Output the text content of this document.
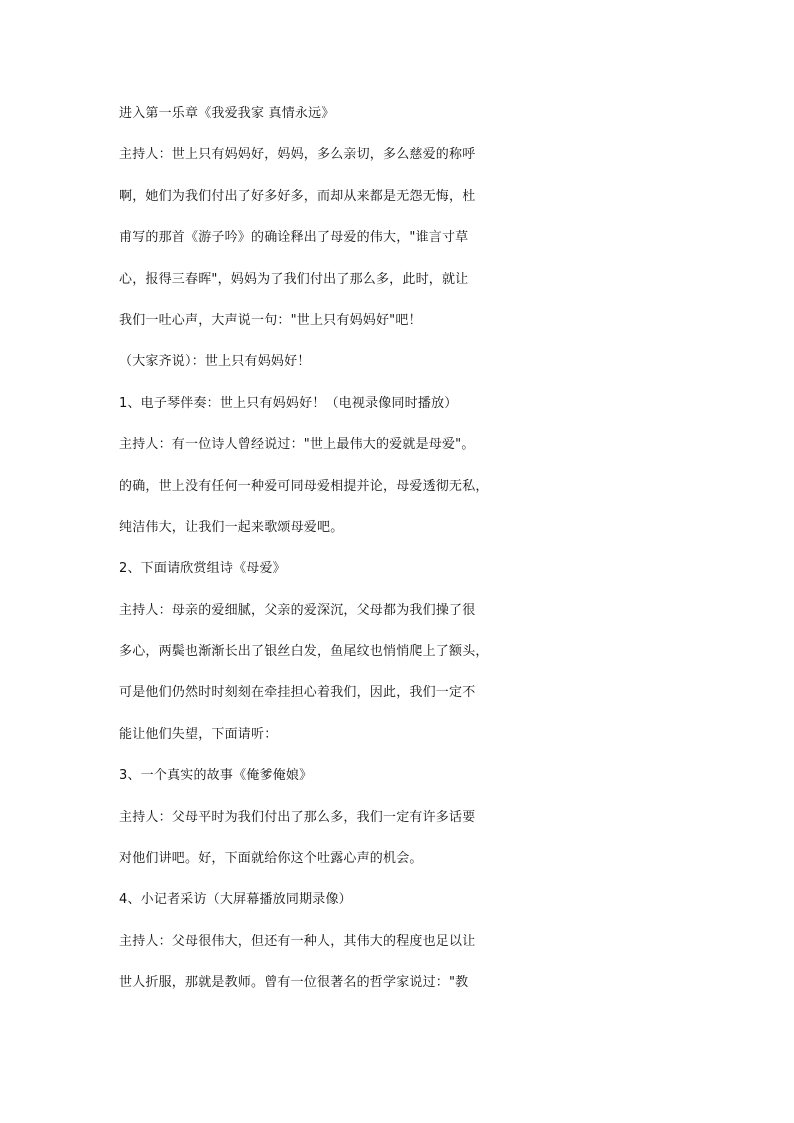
进入第一乐章《我爱我家 真情永远》
主持人：世上只有妈妈好，妈妈，多么亲切，多么慈爱的称呼
啊，她们为我们付出了好多好多，而却从来都是无怨无悔，杜
甫写的那首《游子吟》的确诠释出了母爱的伟大，"谁言寸草
心，报得三春晖"，妈妈为了我们付出了那么多，此时，就让
我们一吐心声，大声说一句："世上只有妈妈好"吧！
（大家齐说）：世上只有妈妈好！
1、电子琴伴奏：世上只有妈妈好！（电视录像同时播放）
主持人：有一位诗人曾经说过："世上最伟大的爱就是母爱"。
的确，世上没有任何一种爱可同母爱相提并论，母爱透彻无私，
纯洁伟大，让我们一起来歌颂母爱吧。
2、下面请欣赏组诗《母爱》
主持人：母亲的爱细腻，父亲的爱深沉，父母都为我们操了很
多心，两鬓也渐渐长出了银丝白发，鱼尾纹也悄悄爬上了额头，
可是他们仍然时时刻刻在牵挂担心着我们，因此，我们一定不
能让他们失望，下面请听：
3、一个真实的故事《俺爹俺娘》
主持人：父母平时为我们付出了那么多，我们一定有许多话要
对他们讲吧。好，下面就给你这个吐露心声的机会。
4、小记者采访（大屏幕播放同期录像）
主持人：父母很伟大，但还有一种人，其伟大的程度也足以让
世人折服，那就是教师。曾有一位很著名的哲学家说过："教
